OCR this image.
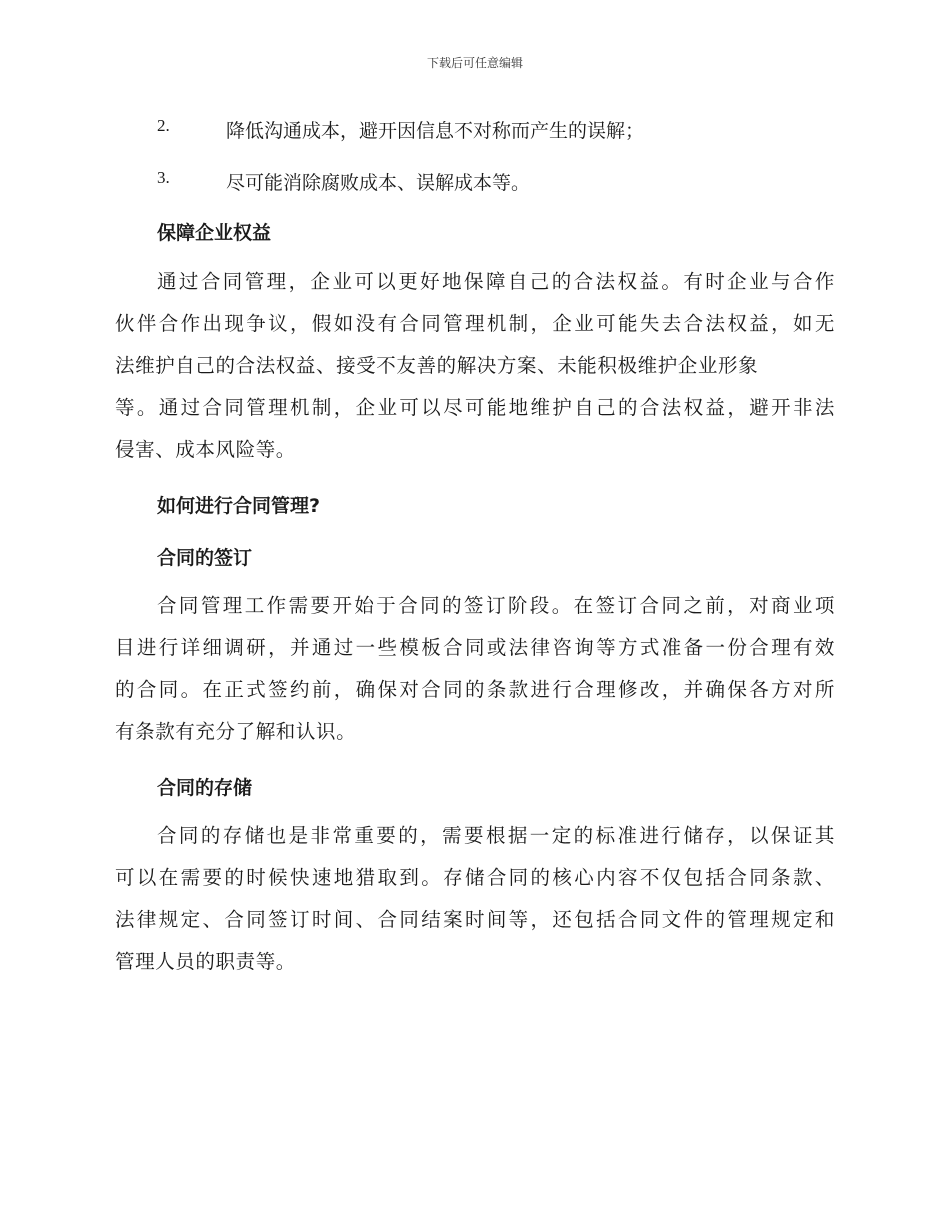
下载后可任意编辑
2.	降低沟通成本，避开因信息不对称而产生的误解；
3.	尽可能消除腐败成本、误解成本等。
保障企业权益
通过合同管理，企业可以更好地保障自己的合法权益。有时企业与合作
伙伴合作出现争议，假如没有合同管理机制，企业可能失去合法权益，如无
法维护自己的合法权益、接受不友善的解决方案、未能积极维护企业形象
等。通过合同管理机制，企业可以尽可能地维护自己的合法权益，避开非法
侵害、成本风险等。
如何进行合同管理?
合同的签订
合同管理工作需要开始于合同的签订阶段。在签订合同之前，对商业项
目进行详细调研，并通过一些模板合同或法律咨询等方式准备一份合理有效
的合同。在正式签约前，确保对合同的条款进行合理修改，并确保各方对所
有条款有充分了解和认识。
合同的存储
合同的存储也是非常重要的，需要根据一定的标准进行储存，以保证其
可以在需要的时候快速地猎取到。存储合同的核心内容不仅包括合同条款、
法律规定、合同签订时间、合同结案时间等，还包括合同文件的管理规定和
管理人员的职责等。
